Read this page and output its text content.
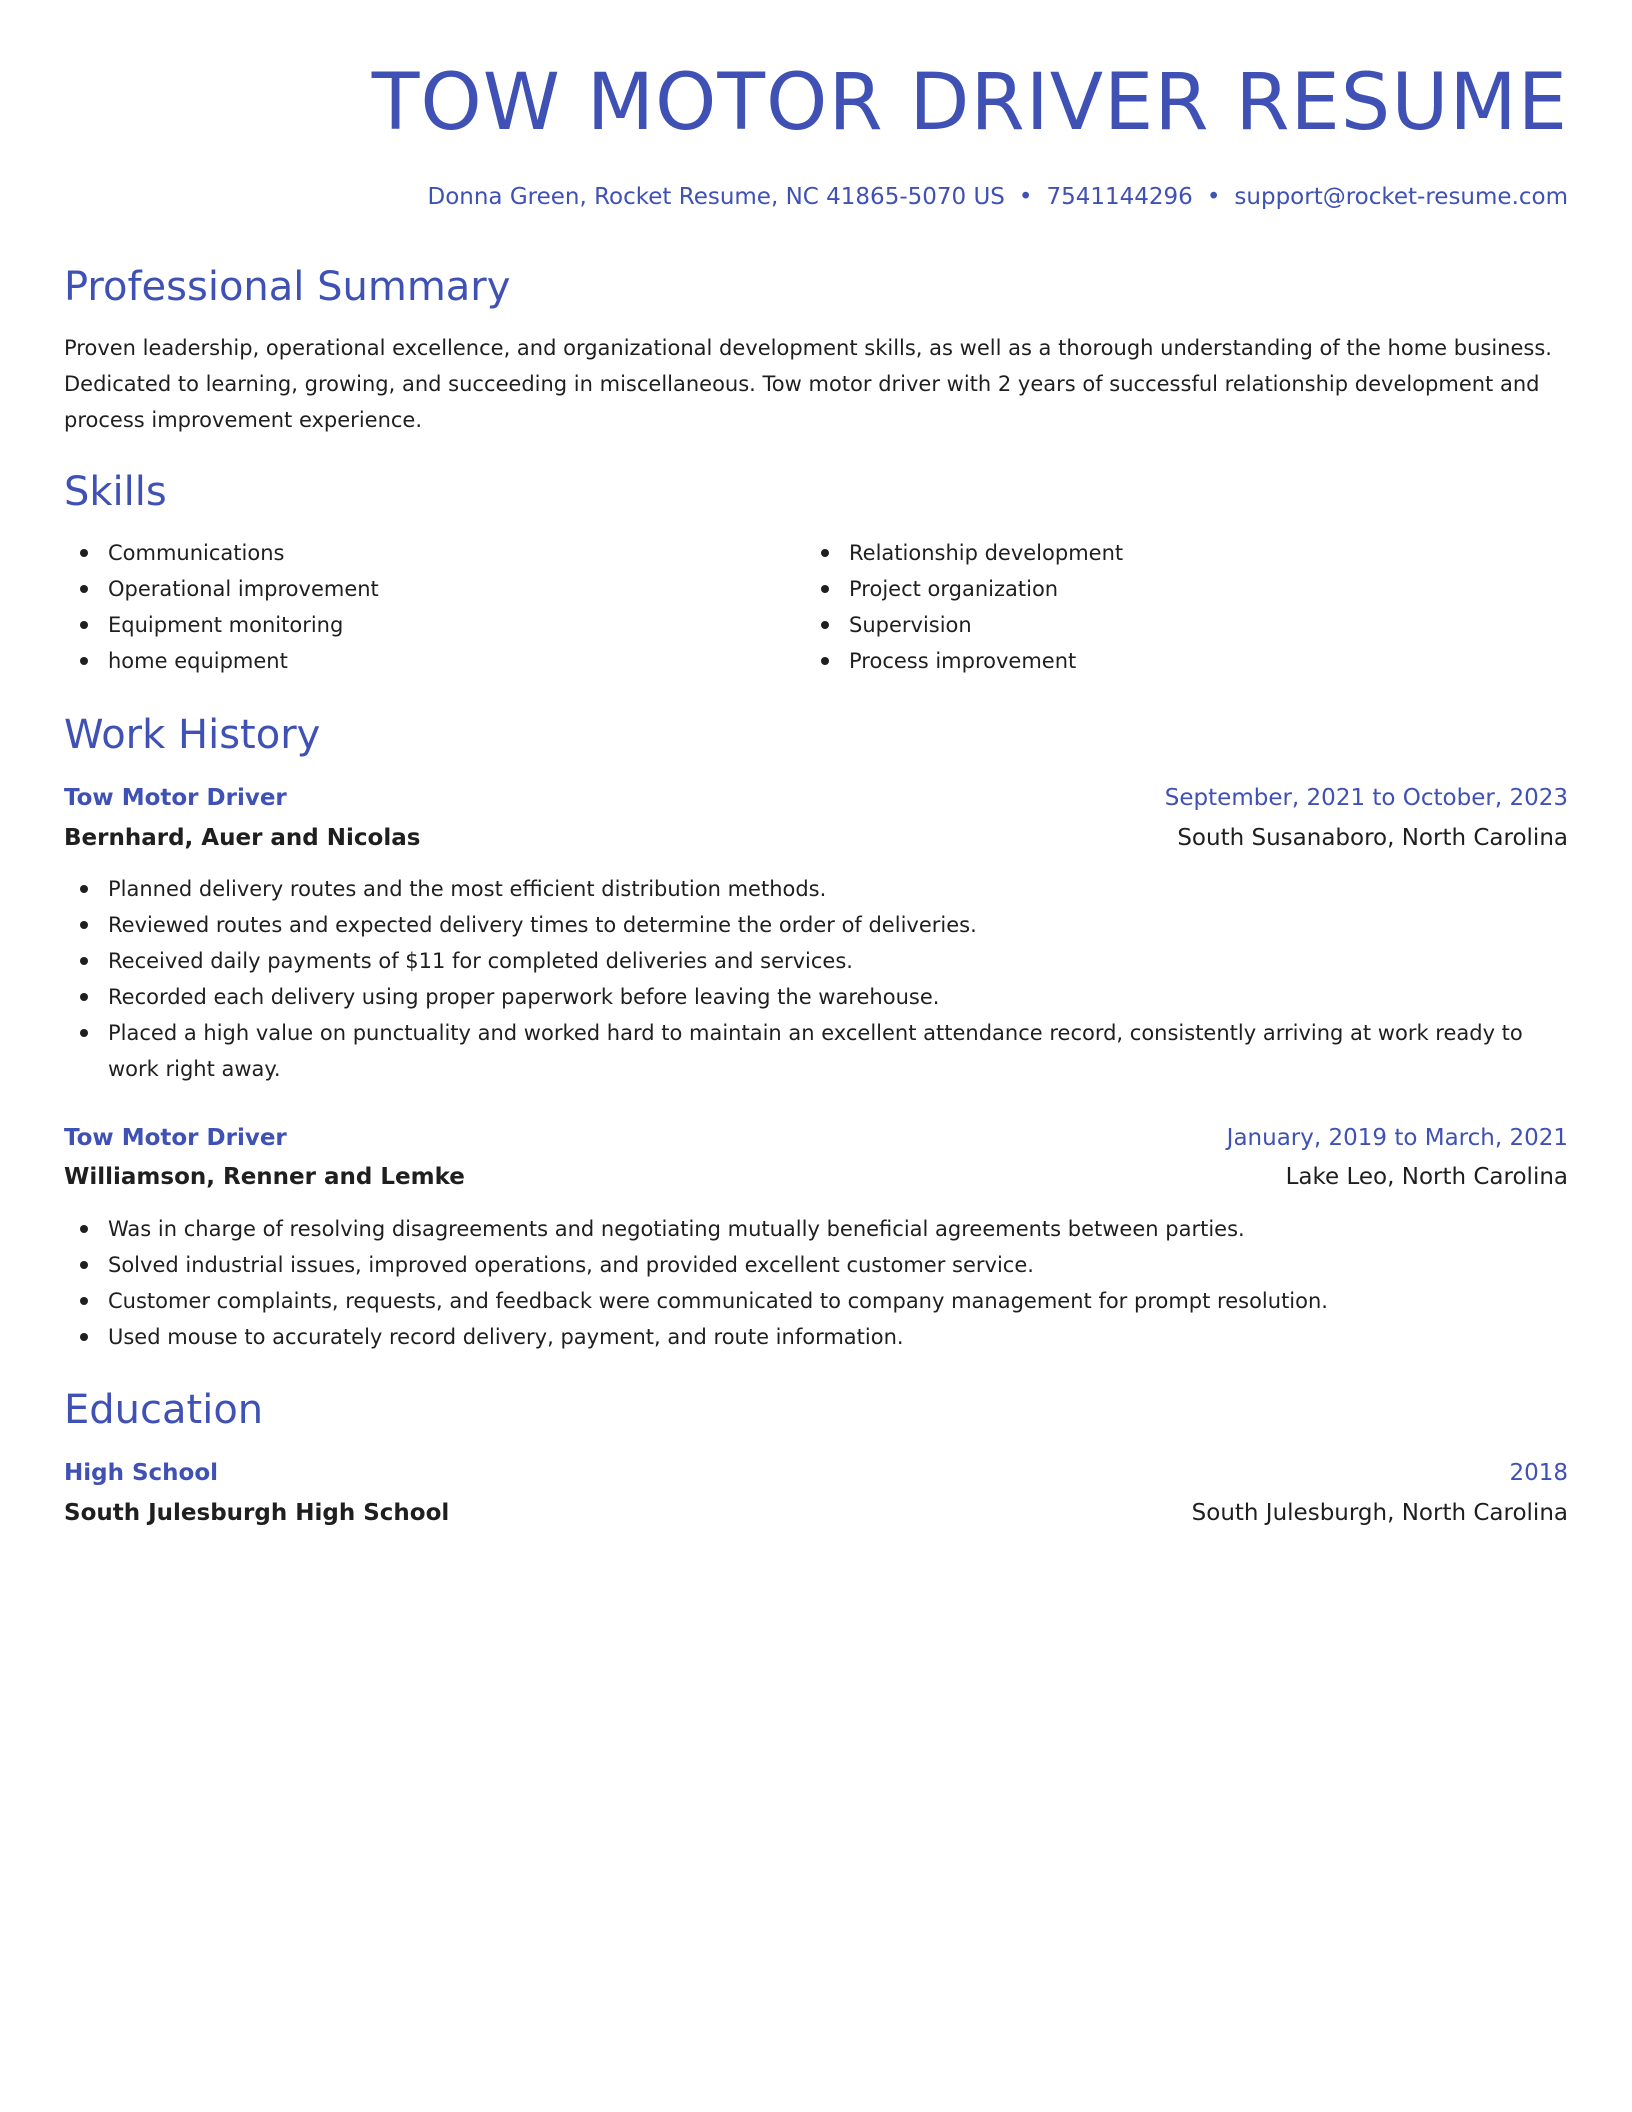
TOW MOTOR DRIVER RESUME
Donna Green, Rocket Resume, NC 41865-5070 US • 7541144296 • support@rocket-resume.com
Professional Summary
Proven leadership, operational excellence, and organizational development skills, as well as a thorough understanding of the home business. Dedicated to learning, growing, and succeeding in miscellaneous. Tow motor driver with 2 years of successful relationship development and process improvement experience.
Skills
Communications
Operational improvement
Equipment monitoring
home equipment
Relationship development
Project organization
Supervision
Process improvement
Work History
Tow Motor Driver	September, 2021 to October, 2023
Bernhard, Auer and Nicolas	South Susanaboro, North Carolina
Planned delivery routes and the most efficient distribution methods.
Reviewed routes and expected delivery times to determine the order of deliveries.
Received daily payments of $11 for completed deliveries and services.
Recorded each delivery using proper paperwork before leaving the warehouse.
Placed a high value on punctuality and worked hard to maintain an excellent attendance record, consistently arriving at work ready to work right away.
Tow Motor Driver	January, 2019 to March, 2021
Williamson, Renner and Lemke	Lake Leo, North Carolina
Was in charge of resolving disagreements and negotiating mutually beneficial agreements between parties.
Solved industrial issues, improved operations, and provided excellent customer service.
Customer complaints, requests, and feedback were communicated to company management for prompt resolution.
Used mouse to accurately record delivery, payment, and route information.
Education
High School	2018
South Julesburgh High School	South Julesburgh, North Carolina
